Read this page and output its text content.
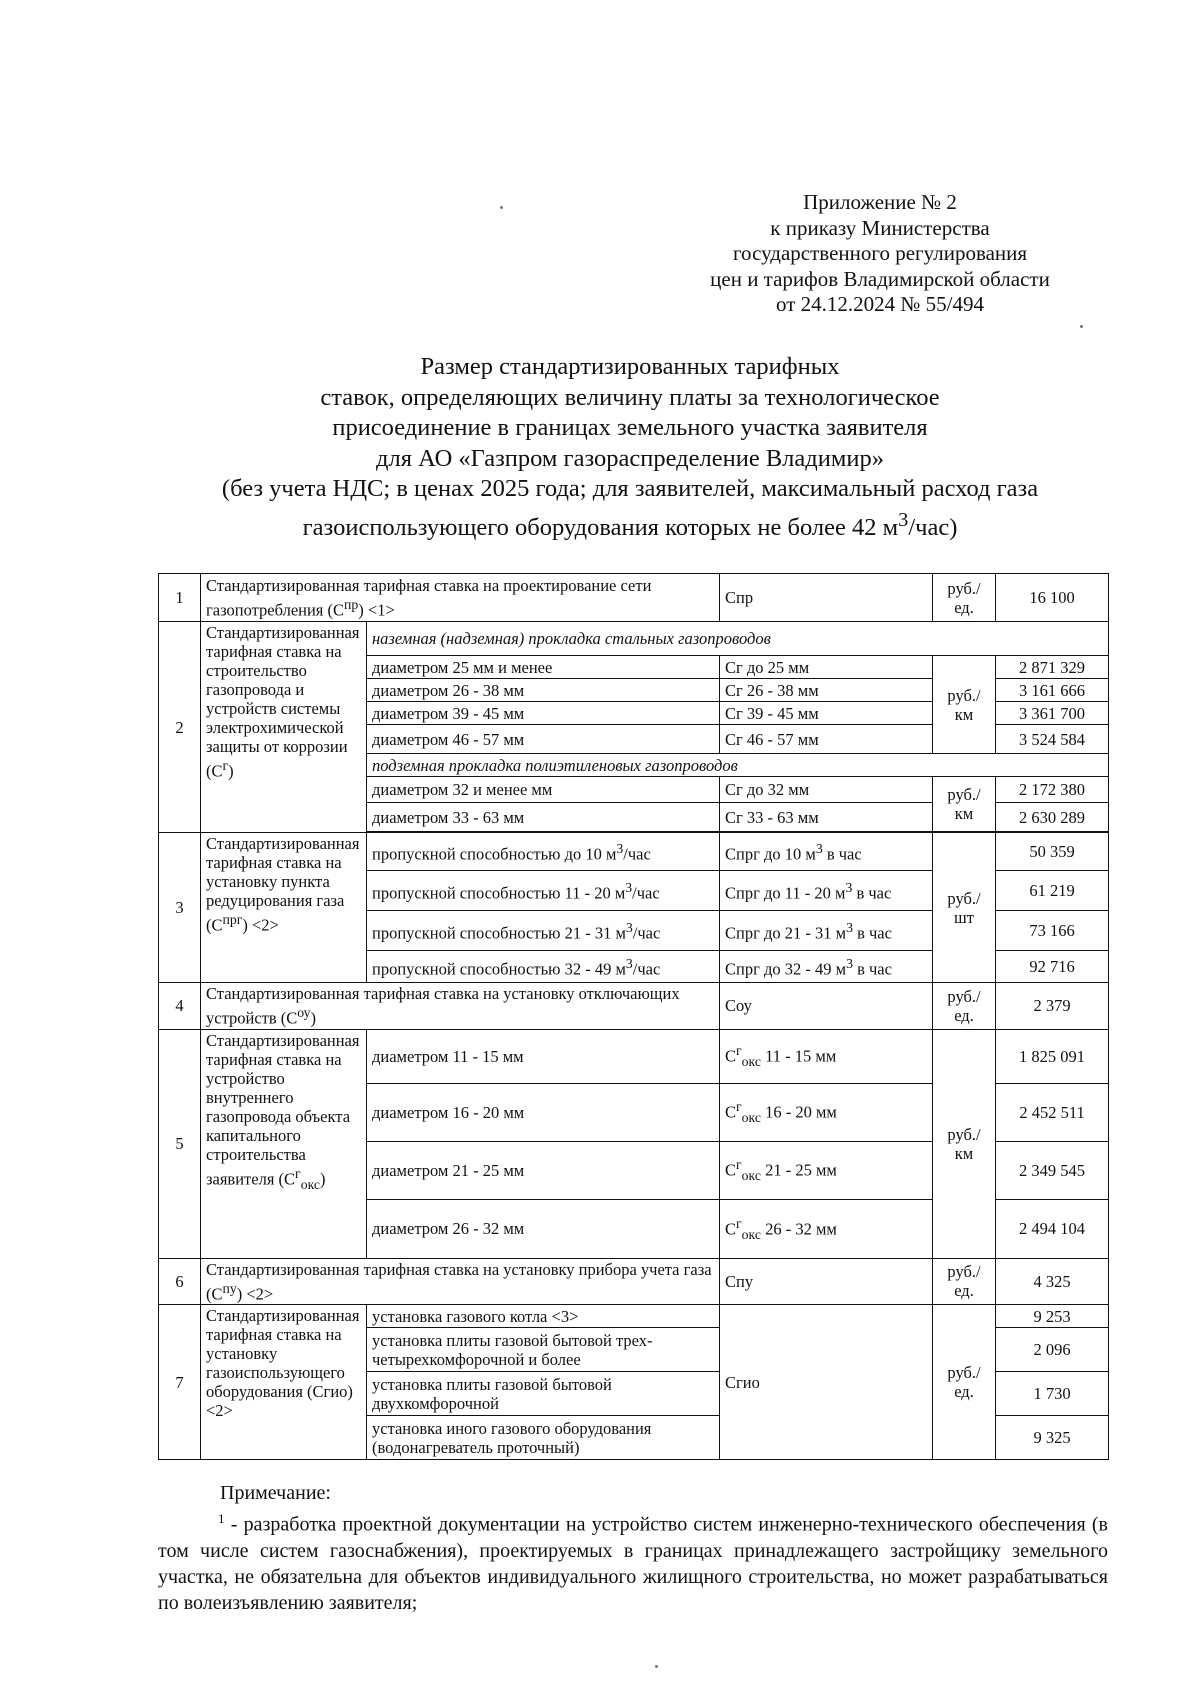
Приложение № 2
к приказу Министерства
государственного регулирования
цен и тарифов Владимирской области
от 24.12.2024 № 55/494
Размер стандартизированных тарифных
ставок, определяющих величину платы за технологическое
присоединение в границах земельного участка заявителя
для АО «Газпром газораспределение Владимир»
(без учета НДС; в ценах 2025 года; для заявителей, максимальный расход газа
газоиспользующего оборудования которых не более 42 $м^3/час$)
1	Стандартизированная тарифная ставка на проектирование сети газопотребления $(С^{пр}) <1>$		Спр	руб./ ед.	16 100
2	Стандартизированная тарифная ставка на строительство газопровода и устройств системы электрохимической защиты от коррозии $(С^г)$	наземная (надземная) прокладка стальных газопроводов			
		диаметром 25 мм и менее	Сг до 25 мм	руб./ км	2 871 329
		диаметром 26 - 38 мм	Сг 26 - 38 мм		3 161 666
		диаметром 39 - 45 мм	Сг 39 - 45 мм		3 361 700
		диаметром 46 - 57 мм	Сг 46 - 57 мм		3 524 584
		подземная прокладка полиэтиленовых газопроводов			
		диаметром 32 и менее мм	Сг до 32 мм	руб./ км	2 172 380
		диаметром 33 - 63 мм	Сг 33 - 63 мм		2 630 289

3	Стандартизированная тарифная ставка на установку пункта редуцирования газа $(С^{прг}) <2>$	пропускной способностью до 10 $м^3$/час	Спрг до 10 $м^3$ в час	руб./ шт	50 359
		пропускной способностью 11 - 20 $м^3$/час	Спрг до 11 - 20 $м^3$ в час		61 219
		пропускной способностью 21 - 31 $м^3$/час	Спрг до 21 - 31 $м^3$ в час		73 166
		пропускной способностью 32 - 49 $м^3$/час	Спрг до 32 - 49 $м^3$ в час		92 716
4	Стандартизированная тарифная ставка на установку отключающих устройств $(С^{оу})$		Соу	руб./ ед.	2 379
5	Стандартизированная тарифная ставка на устройство внутреннего газопровода объекта капитального строительства заявителя $(С^г_{окс})$	диаметром 11 - 15 мм	$С^г_{окс}$ 11 - 15 мм	руб./ км	1 825 091
		диаметром 16 - 20 мм	$С^г_{окс}$ 16 - 20 мм		2 452 511
		диаметром 21 - 25 мм	$С^г_{окс}$ 21 - 25 мм		2 349 545
		диаметром 26 - 32 мм	$С^г_{окс}$ 26 - 32 мм		2 494 104
6	Стандартизированная тарифная ставка на установку прибора учета газа $(С^{пу}) <2>$		Спу	руб./ ед.	4 325
7	Стандартизированная тарифная ставка на установку газоиспользующего оборудования (Сгио) <2>	установка газового котла <3>	Сгио	руб./ ед.	9 253
		установка плиты газовой бытовой трех-четырехкомфорочной и более			2 096
		установка плиты газовой бытовой двухкомфорочной			1 730
		установка иного газового оборудования (водонагреватель проточный)			9 325
Примечание:
$^1$ - разработка проектной документации на устройство систем инженерно-технического обеспечения (в том числе систем газоснабжения), проектируемых в границах принадлежащего застройщику земельного участка, не обязательна для объектов индивидуального жилищного строительства, но может разрабатываться по волеизъявлению заявителя;
